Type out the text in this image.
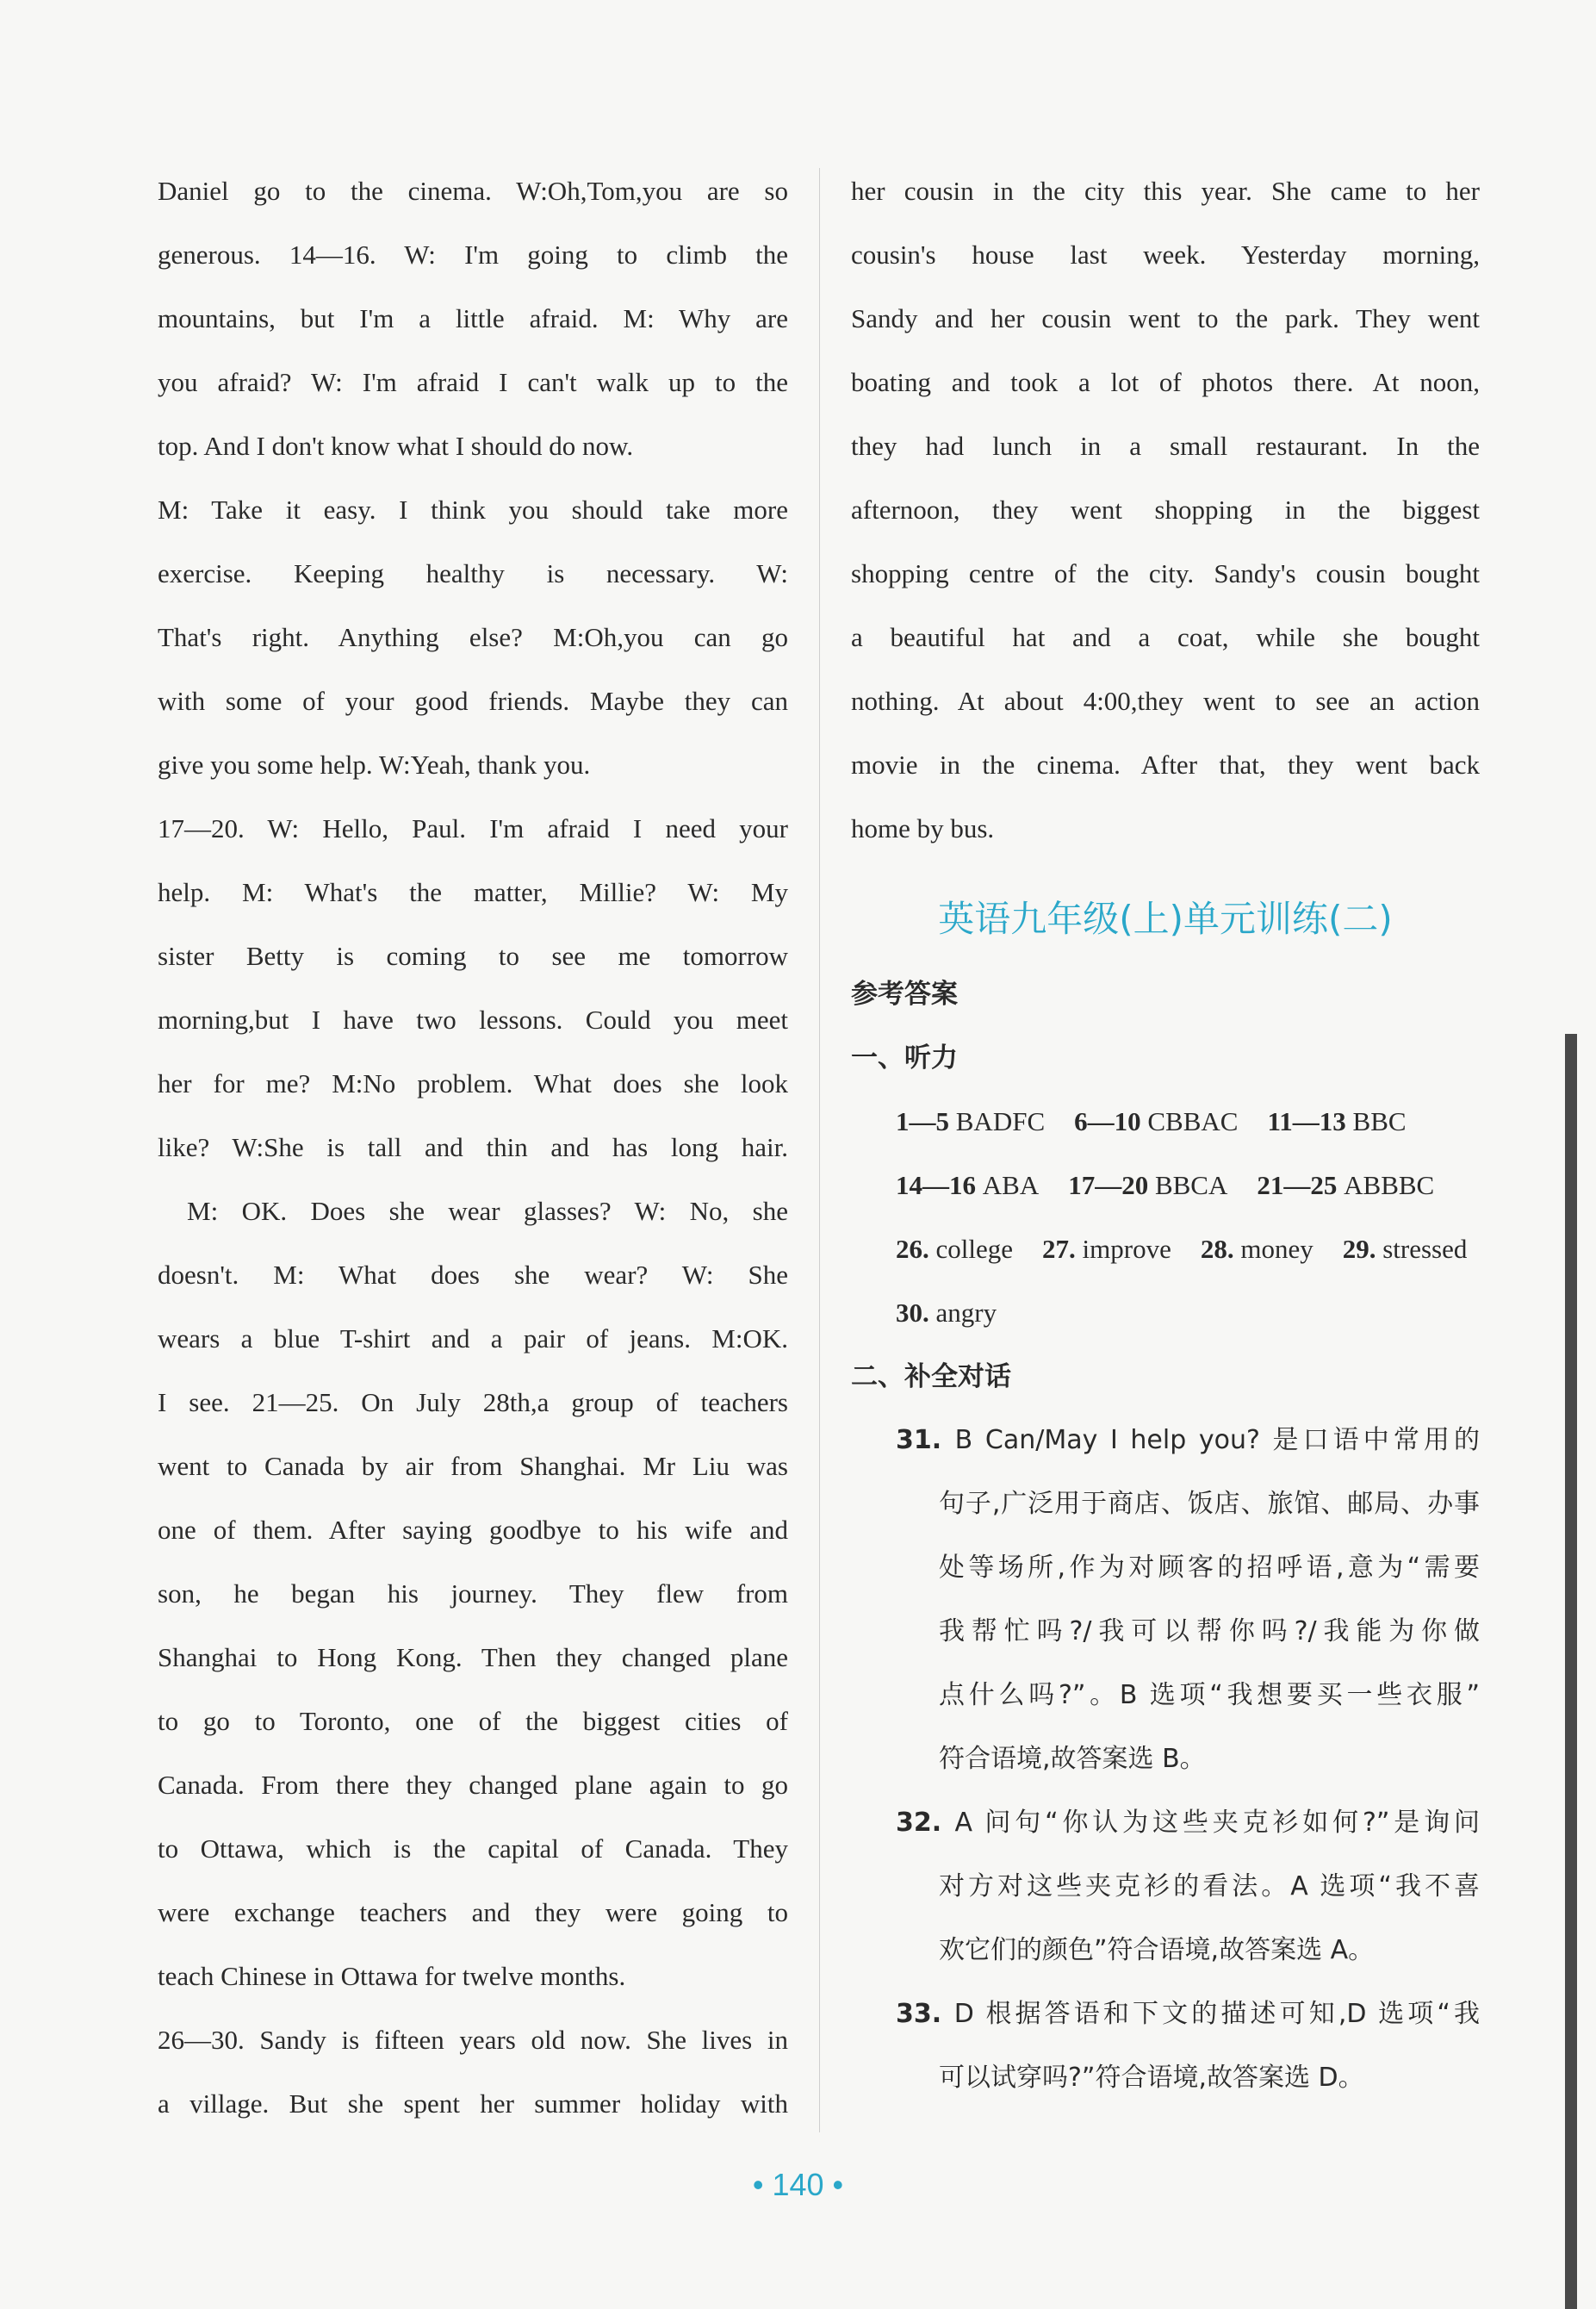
Daniel go to the cinema. W:Oh,Tom,you are so
generous. 14—16. W: I'm going to climb the
mountains, but I'm a little afraid. M: Why are
you afraid? W: I'm afraid I can't walk up to the
top. And I don't know what I should do now.
M: Take it easy. I think you should take more
exercise. Keeping healthy is necessary. W:
That's right. Anything else? M:Oh,you can go
with some of your good friends. Maybe they can
give you some help. W:Yeah, thank you.
17—20. W: Hello, Paul. I'm afraid I need your
help. M: What's the matter, Millie? W: My
sister Betty is coming to see me tomorrow
morning,but I have two lessons. Could you meet
her for me? M:No problem. What does she look
like? W:She is tall and thin and has long hair.
M: OK. Does she wear glasses? W: No, she
doesn't. M: What does she wear? W: She
wears a blue T-shirt and a pair of jeans. M:OK.
I see. 21—25. On July 28th,a group of teachers
went to Canada by air from Shanghai. Mr Liu was
one of them. After saying goodbye to his wife and
son, he began his journey. They flew from
Shanghai to Hong Kong. Then they changed plane
to go to Toronto, one of the biggest cities of
Canada. From there they changed plane again to go
to Ottawa, which is the capital of Canada. They
were exchange teachers and they were going to
teach Chinese in Ottawa for twelve months.
26—30. Sandy is fifteen years old now. She lives in
a village. But she spent her summer holiday with
her cousin in the city this year. She came to her
cousin's house last week. Yesterday morning,
Sandy and her cousin went to the park. They went
boating and took a lot of photos there. At noon,
they had lunch in a small restaurant. In the
afternoon, they went shopping in the biggest
shopping centre of the city. Sandy's cousin bought
a beautiful hat and a coat, while she bought
nothing. At about 4:00,they went to see an action
movie in the cinema. After that, they went back
home by bus.
英语九年级(上)单元训练(二)
参考答案
一、听力
1—5 BADFC 6—10 CBBAC 11—13 BBC
14—16 ABA 17—20 BBCA 21—25 ABBBC
26. college 27. improve 28. money 29. stressed
30. angry
二、补全对话
31. B Can/May I help you? 是口语中常用的
句子,广泛用于商店、饭店、旅馆、邮局、办事
处等场所,作为对顾客的招呼语,意为“需要
我帮忙吗?/我可以帮你吗?/我能为你做
点什么吗?”。B 选项“我想要买一些衣服”
符合语境,故答案选 B。
32. A 问句“你认为这些夹克衫如何?”是询问
对方对这些夹克衫的看法。A 选项“我不喜
欢它们的颜色”符合语境,故答案选 A。
33. D 根据答语和下文的描述可知,D 选项“我
可以试穿吗?”符合语境,故答案选 D。
• 140 •
